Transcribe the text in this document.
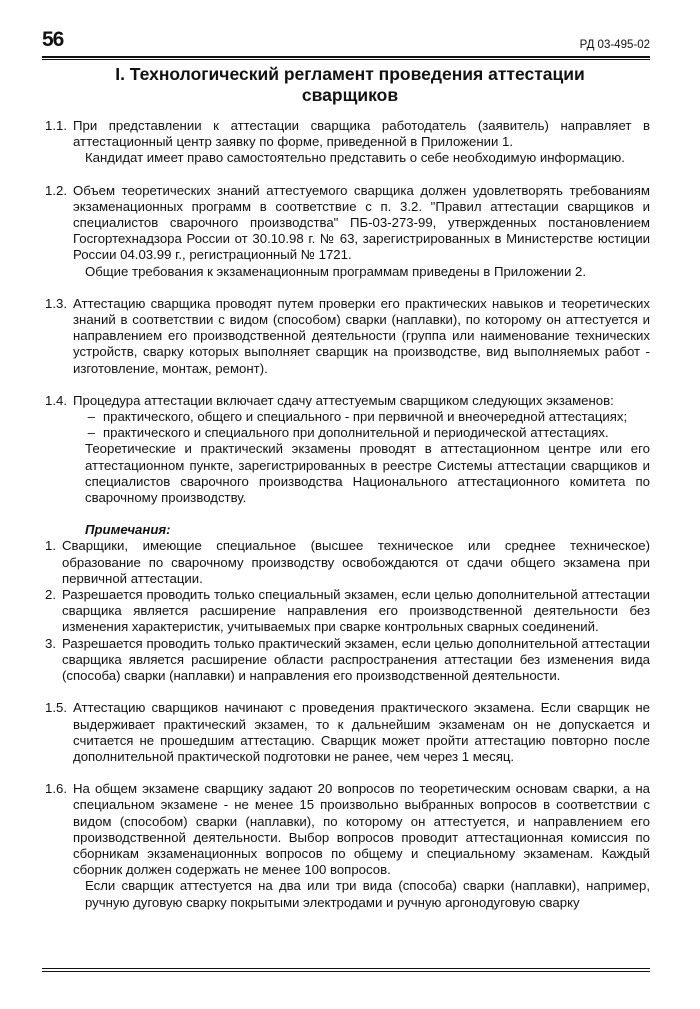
56	РД 03-495-02
I. Технологический регламент проведения аттестации
сварщиков
1.1. При представлении к аттестации сварщика работодатель (заявитель) направляет в аттестационный центр заявку по форме, приведенной в Приложении 1.
Кандидат имеет право самостоятельно представить о себе необходимую информацию.
1.2. Объем теоретических знаний аттестуемого сварщика должен удовлетворять требованиям экзаменационных программ в соответствие с п. 3.2. "Правил аттестации сварщиков и специалистов сварочного производства" ПБ-03-273-99, утвержденных постановлением Госгортехнадзора России от 30.10.98 г. № 63, зарегистрированных в Министерстве юстиции России 04.03.99 г., регистрационный № 1721.
Общие требования к экзаменационным программам приведены в Приложении 2.
1.3. Аттестацию сварщика проводят путем проверки его практических навыков и теоретических знаний в соответствии с видом (способом) сварки (наплавки), по которому он аттестуется и направлением его производственной деятельности (группа или наименование технических устройств, сварку которых выполняет сварщик на производстве, вид выполняемых работ - изготовление, монтаж, ремонт).
1.4. Процедура аттестации включает сдачу аттестуемым сварщиком следующих экзаменов:
– практического, общего и специального - при первичной и внеочередной аттестациях;
– практического и специального при дополнительной и периодической аттестациях.
Теоретические и практический экзамены проводят в аттестационном центре или его аттестационном пункте, зарегистрированных в реестре Системы аттестации сварщиков и специалистов сварочного производства Национального аттестационного комитета по сварочному производству.
Примечания:
1. Сварщики, имеющие специальное (высшее техническое или среднее техническое) образование по сварочному производству освобождаются от сдачи общего экзамена при первичной аттестации.
2. Разрешается проводить только специальный экзамен, если целью дополнительной аттестации сварщика является расширение направления его производственной деятельности без изменения характеристик, учитываемых при сварке контрольных сварных соединений.
3. Разрешается проводить только практический экзамен, если целью дополнительной аттестации сварщика является расширение области распространения аттестации без изменения вида (способа) сварки (наплавки) и направления его производственной деятельности.
1.5. Аттестацию сварщиков начинают с проведения практического экзамена. Если сварщик не выдерживает практический экзамен, то к дальнейшим экзаменам он не допускается и считается не прошедшим аттестацию. Сварщик может пройти аттестацию повторно после дополнительной практической подготовки не ранее, чем через 1 месяц.
1.6. На общем экзамене сварщику задают 20 вопросов по теоретическим основам сварки, а на специальном экзамене - не менее 15 произвольно выбранных вопросов в соответствии с видом (способом) сварки (наплавки), по которому он аттестуется, и направлением его производственной деятельности. Выбор вопросов проводит аттестационная комиссия по сборникам экзаменационных вопросов по общему и специальному экзаменам. Каждый сборник должен содержать не менее 100 вопросов.
Если сварщик аттестуется на два или три вида (способа) сварки (наплавки), например, ручную дуговую сварку покрытыми электродами и ручную аргонодуговую сварку
